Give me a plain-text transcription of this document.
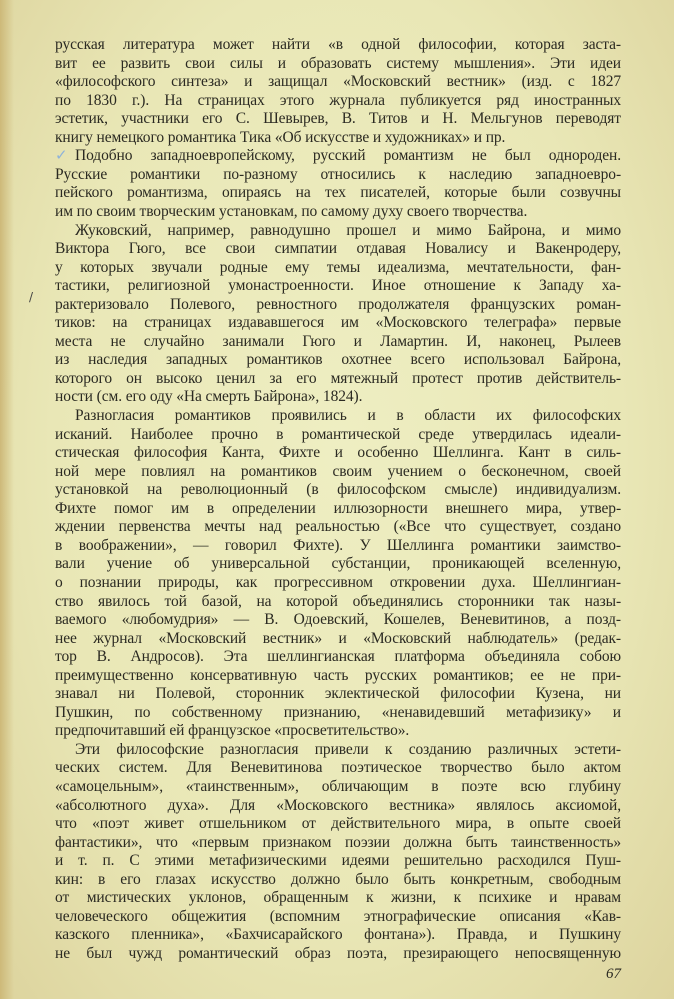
русская литература может найти «в одной философии, которая заста-
вит ее развить свои силы и образовать систему мышления». Эти идеи
«философского синтеза» и защищал «Московский вестник» (изд. с 1827
по 1830 г.). На страницах этого журнала публикуется ряд иностранных
эстетик, участники его С. Шевырев, В. Титов и Н. Мельгунов переводят
книгу немецкого романтика Тика «Об искусстве и художниках» и пр.
Подобно западноевропейскому, русский романтизм не был однороден.
Русские романтики по-разному относились к наследию западноевро-
пейского романтизма, опираясь на тех писателей, которые были созвучны
им по своим творческим установкам, по самому духу своего творчества.
Жуковский, например, равнодушно прошел и мимо Байрона, и мимо
Виктора Гюго, все свои симпатии отдавая Новалису и Вакенродеру,
у которых звучали родные ему темы идеализма, мечтательности, фан-
тастики, религиозной умонастроенности. Иное отношение к Западу ха-
рактеризовало Полевого, ревностного продолжателя французских роман-
тиков: на страницах издававшегося им «Московского телеграфа» первые
места не случайно занимали Гюго и Ламартин. И, наконец, Рылеев
из наследия западных романтиков охотнее всего использовал Байрона,
которого он высоко ценил за его мятежный протест против действитель-
ности (см. его оду «На смерть Байрона», 1824).
Разногласия романтиков проявились и в области их философских
исканий. Наиболее прочно в романтической среде утвердилась идеали-
стическая философия Канта, Фихте и особенно Шеллинга. Кант в силь-
ной мере повлиял на романтиков своим учением о бесконечном, своей
установкой на революционный (в философском смысле) индивидуализм.
Фихте помог им в определении иллюзорности внешнего мира, утвер-
ждении первенства мечты над реальностью («Все что существует, создано
в воображении», — говорил Фихте). У Шеллинга романтики заимство-
вали учение об универсальной субстанции, проникающей вселенную,
о познании природы, как прогрессивном откровении духа. Шеллингиан-
ство явилось той базой, на которой объединялись сторонники так назы-
ваемого «любомудрия» — В. Одоевский, Кошелев, Веневитинов, а позд-
нее журнал «Московский вестник» и «Московский наблюдатель» (редак-
тор В. Андросов). Эта шеллингианская платформа объединяла собою
преимущественно консервативную часть русских романтиков; ее не при-
знавал ни Полевой, сторонник эклектической философии Кузена, ни
Пушкин, по собственному признанию, «ненавидевший метафизику» и
предпочитавший ей французское «просветительство».
Эти философские разногласия привели к созданию различных эстети-
ческих систем. Для Веневитинова поэтическое творчество было актом
«самоцельным», «таинственным», обличающим в поэте всю глубину
«абсолютного духа». Для «Московского вестника» являлось аксиомой,
что «поэт живет отшельником от действительного мира, в опыте своей
фантастики», что «первым признаком поэзии должна быть таинственность»
и т. п. С этими метафизическими идеями решительно расходился Пуш-
кин: в его глазах искусство должно было быть конкретным, свободным
от мистических уклонов, обращенным к жизни, к психике и нравам
человеческого общежития (вспомним этнографические описания «Кав-
казского пленника», «Бахчисарайского фонтана»). Правда, и Пушкину
не был чужд романтический образ поэта, презирающего непосвященную
✓
/
67
